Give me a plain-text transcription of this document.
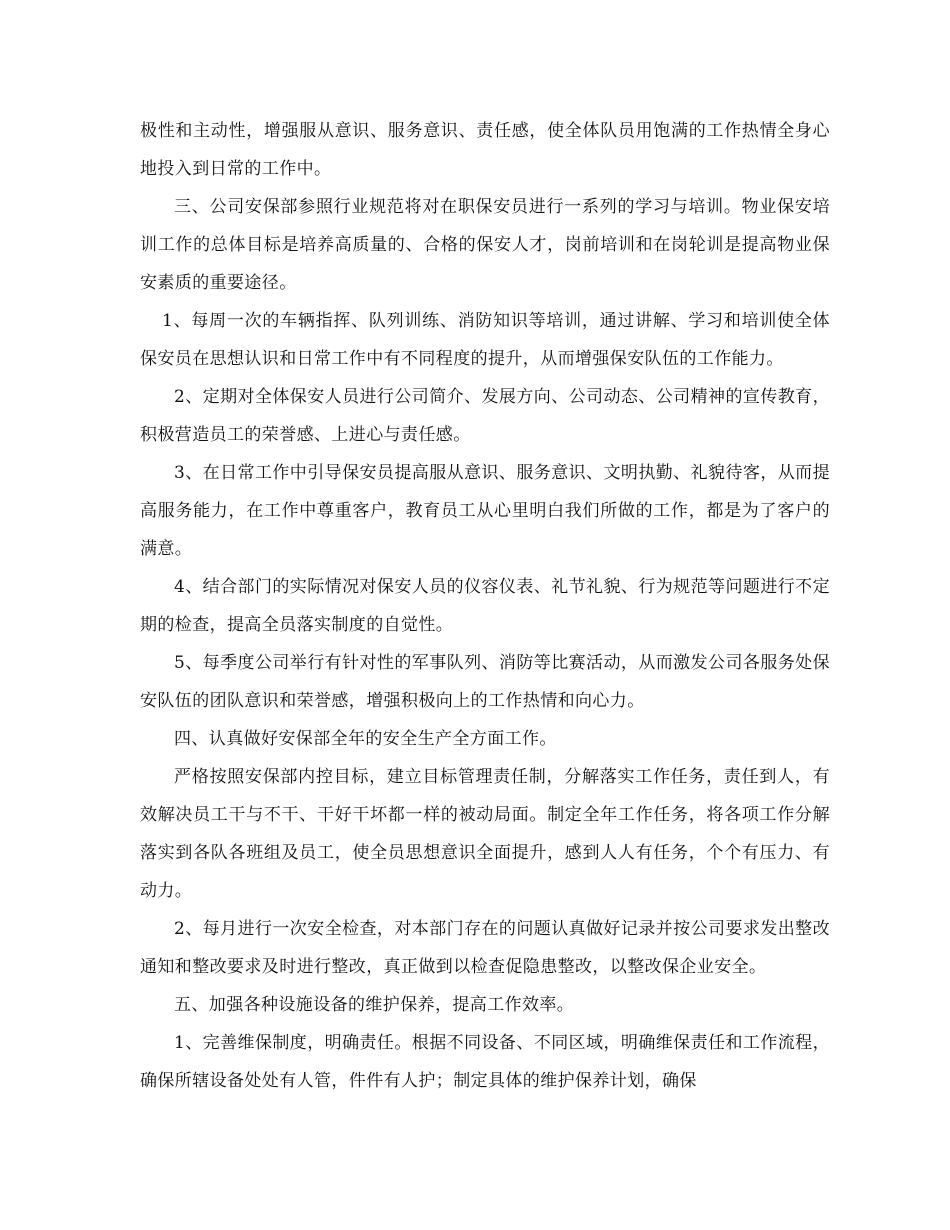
极性和主动性，增强服从意识、服务意识、责任感，使全体队员用饱满的工作热情全身心地投入到日常的工作中。

三、公司安保部参照行业规范将对在职保安员进行一系列的学习与培训。物业保安培训工作的总体目标是培养高质量的、合格的保安人才，岗前培训和在岗轮训是提高物业保安素质的重要途径。

1、每周一次的车辆指挥、队列训练、消防知识等培训，通过讲解、学习和培训使全体保安员在思想认识和日常工作中有不同程度的提升，从而增强保安队伍的工作能力。

2、定期对全体保安人员进行公司简介、发展方向、公司动态、公司精神的宣传教育，积极营造员工的荣誉感、上进心与责任感。

3、在日常工作中引导保安员提高服从意识、服务意识、文明执勤、礼貌待客，从而提高服务能力，在工作中尊重客户，教育员工从心里明白我们所做的工作，都是为了客户的满意。

4、结合部门的实际情况对保安人员的仪容仪表、礼节礼貌、行为规范等问题进行不定期的检查，提高全员落实制度的自觉性。

5、每季度公司举行有针对性的军事队列、消防等比赛活动，从而激发公司各服务处保安队伍的团队意识和荣誉感，增强积极向上的工作热情和向心力。

四、认真做好安保部全年的安全生产全方面工作。

严格按照安保部内控目标，建立目标管理责任制，分解落实工作任务，责任到人，有效解决员工干与不干、干好干坏都一样的被动局面。制定全年工作任务，将各项工作分解落实到各队各班组及员工，使全员思想意识全面提升，感到人人有任务，个个有压力、有动力。

2、每月进行一次安全检查，对本部门存在的问题认真做好记录并按公司要求发出整改通知和整改要求及时进行整改，真正做到以检查促隐患整改，以整改保企业安全。

五、加强各种设施设备的维护保养，提高工作效率。

1、完善维保制度，明确责任。根据不同设备、不同区域，明确维保责任和工作流程，确保所辖设备处处有人管，件件有人护；制定具体的维护保养计划，确保
